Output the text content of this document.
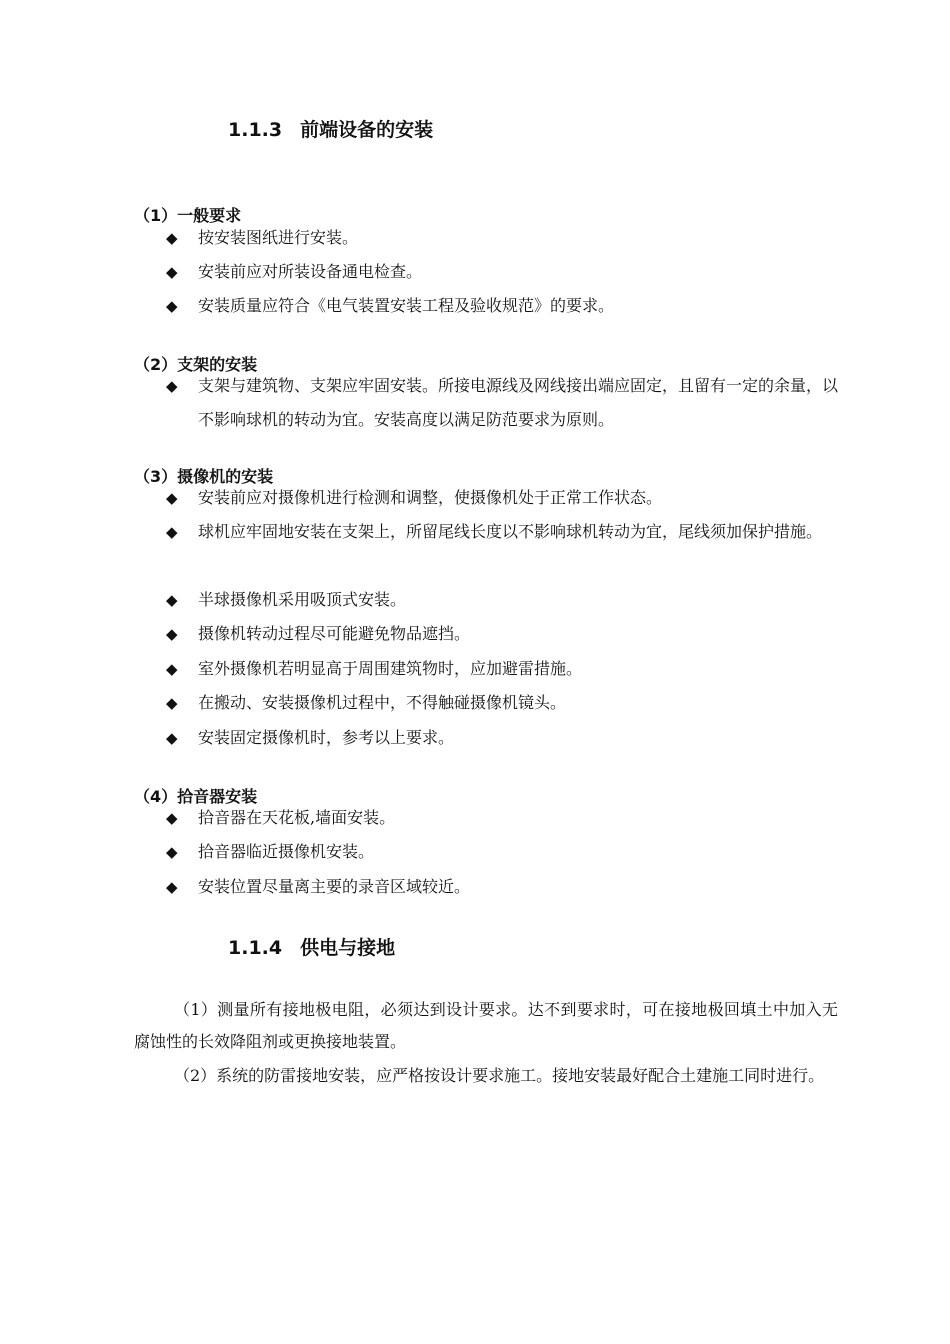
1.1.3 前端设备的安装
（1）一般要求
◆ 按安装图纸进行安装。
◆ 安装前应对所装设备通电检查。
◆ 安装质量应符合《电气装置安装工程及验收规范》的要求。
（2）支架的安装
◆ 支架与建筑物、支架应牢固安装。所接电源线及网线接出端应固定，且留有一定的余量，以不影响球机的转动为宜。安装高度以满足防范要求为原则。
（3）摄像机的安装
◆ 安装前应对摄像机进行检测和调整，使摄像机处于正常工作状态。
◆ 球机应牢固地安装在支架上，所留尾线长度以不影响球机转动为宜，尾线须加保护措施。
◆ 半球摄像机采用吸顶式安装。
◆ 摄像机转动过程尽可能避免物品遮挡。
◆ 室外摄像机若明显高于周围建筑物时，应加避雷措施。
◆ 在搬动、安装摄像机过程中，不得触碰摄像机镜头。
◆ 安装固定摄像机时，参考以上要求。
（4）拾音器安装
◆ 拾音器在天花板,墙面安装。
◆ 拾音器临近摄像机安装。
◆ 安装位置尽量离主要的录音区域较近。
1.1.4 供电与接地
（1）测量所有接地极电阻，必须达到设计要求。达不到要求时，可在接地极回填土中加入无腐蚀性的长效降阻剂或更换接地装置。
（2）系统的防雷接地安装，应严格按设计要求施工。接地安装最好配合土建施工同时进行。
